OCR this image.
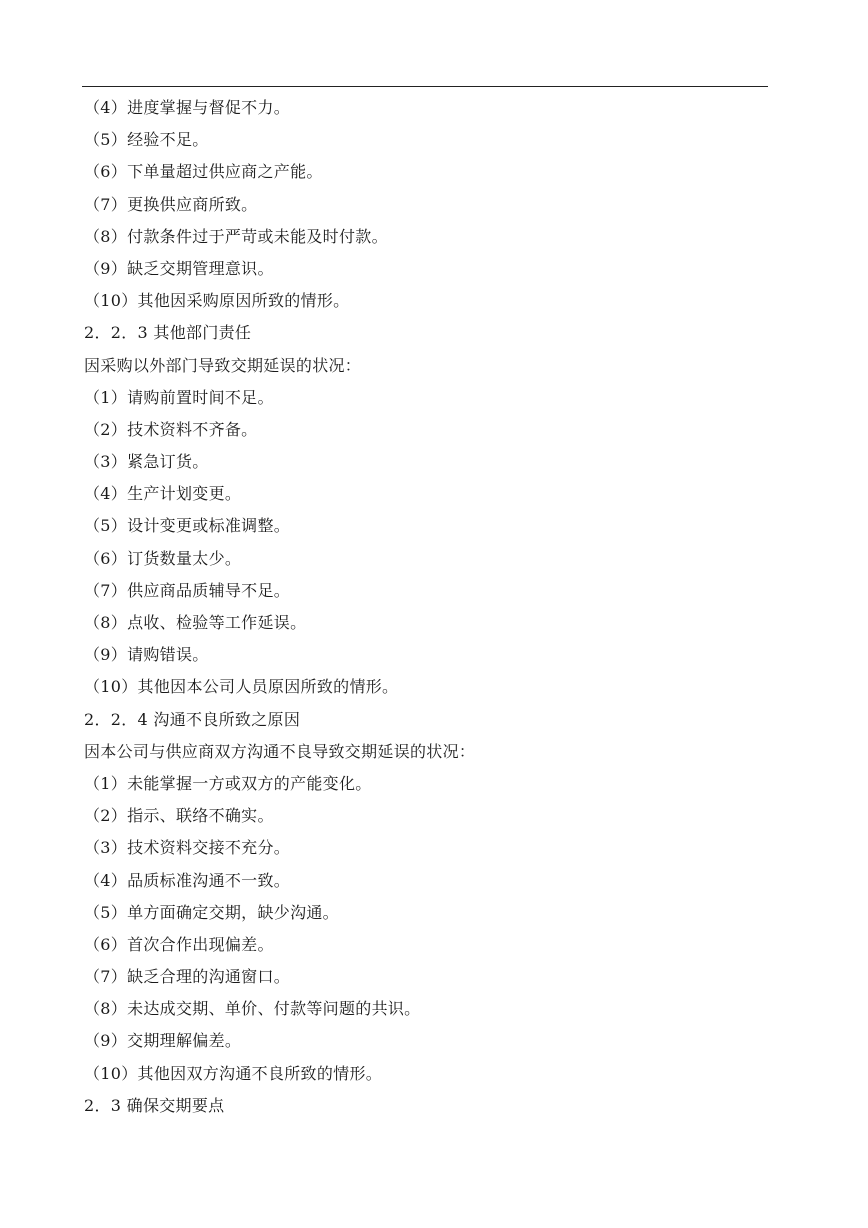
（4）进度掌握与督促不力。
（5）经验不足。
（6）下单量超过供应商之产能。
（7）更换供应商所致。
（8）付款条件过于严苛或未能及时付款。
（9）缺乏交期管理意识。
（10）其他因采购原因所致的情形。
2．2．3 其他部门责任
因采购以外部门导致交期延误的状况：
（1）请购前置时间不足。
（2）技术资料不齐备。
（3）紧急订货。
（4）生产计划变更。
（5）设计变更或标准调整。
（6）订货数量太少。
（7）供应商品质辅导不足。
（8）点收、检验等工作延误。
（9）请购错误。
（10）其他因本公司人员原因所致的情形。
2．2．4 沟通不良所致之原因
因本公司与供应商双方沟通不良导致交期延误的状况：
（1）未能掌握一方或双方的产能变化。
（2）指示、联络不确实。
（3）技术资料交接不充分。
（4）品质标准沟通不一致。
（5）单方面确定交期，缺少沟通。
（6）首次合作出现偏差。
（7）缺乏合理的沟通窗口。
（8）未达成交期、单价、付款等问题的共识。
（9）交期理解偏差。
（10）其他因双方沟通不良所致的情形。
2．3 确保交期要点
